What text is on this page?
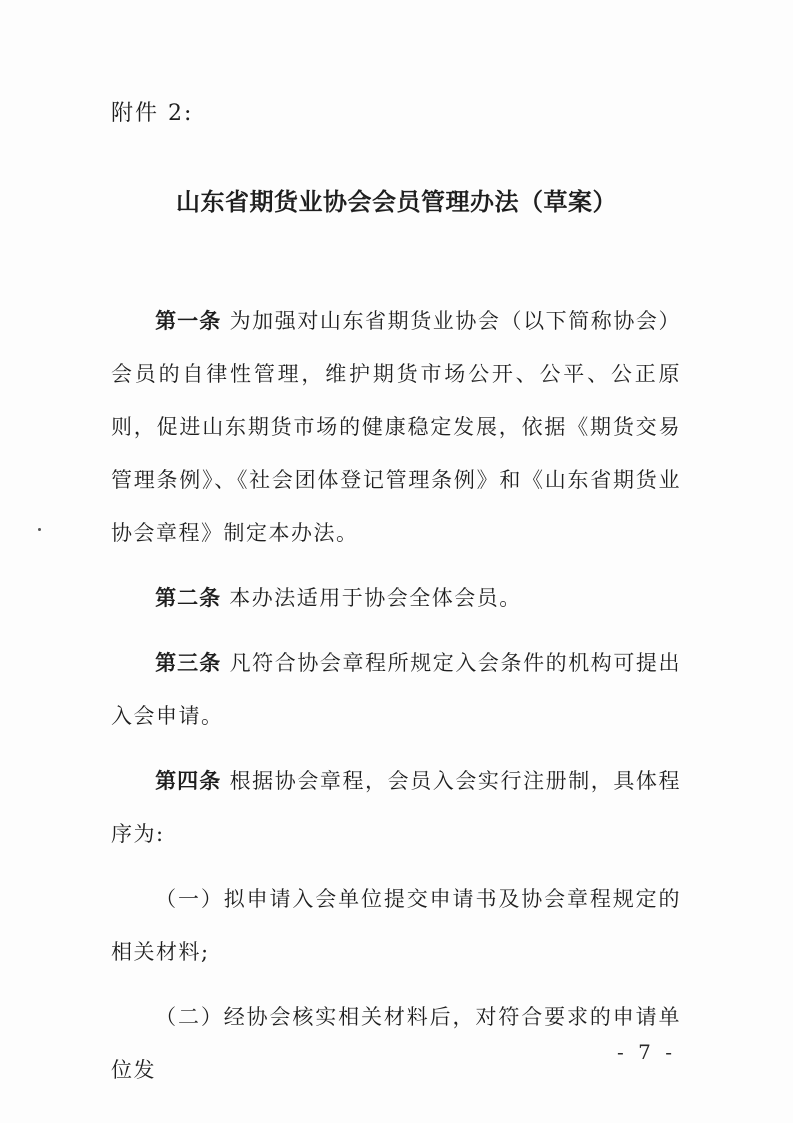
附件 2:
山东省期货业协会会员管理办法（草案）

第一条 为加强对山东省期货业协会（以下简称协会）会员的自律性管理，维护期货市场公开、公平、公正原则，促进山东期货市场的健康稳定发展，依据《期货交易管理条例》、《社会团体登记管理条例》和《山东省期货业协会章程》制定本办法。

第二条 本办法适用于协会全体会员。

第三条 凡符合协会章程所规定入会条件的机构可提出入会申请。

第四条 根据协会章程，会员入会实行注册制，具体程序为:

（一）拟申请入会单位提交申请书及协会章程规定的相关材料;

（二）经协会核实相关材料后，对符合要求的申请单位发

- 7 -
